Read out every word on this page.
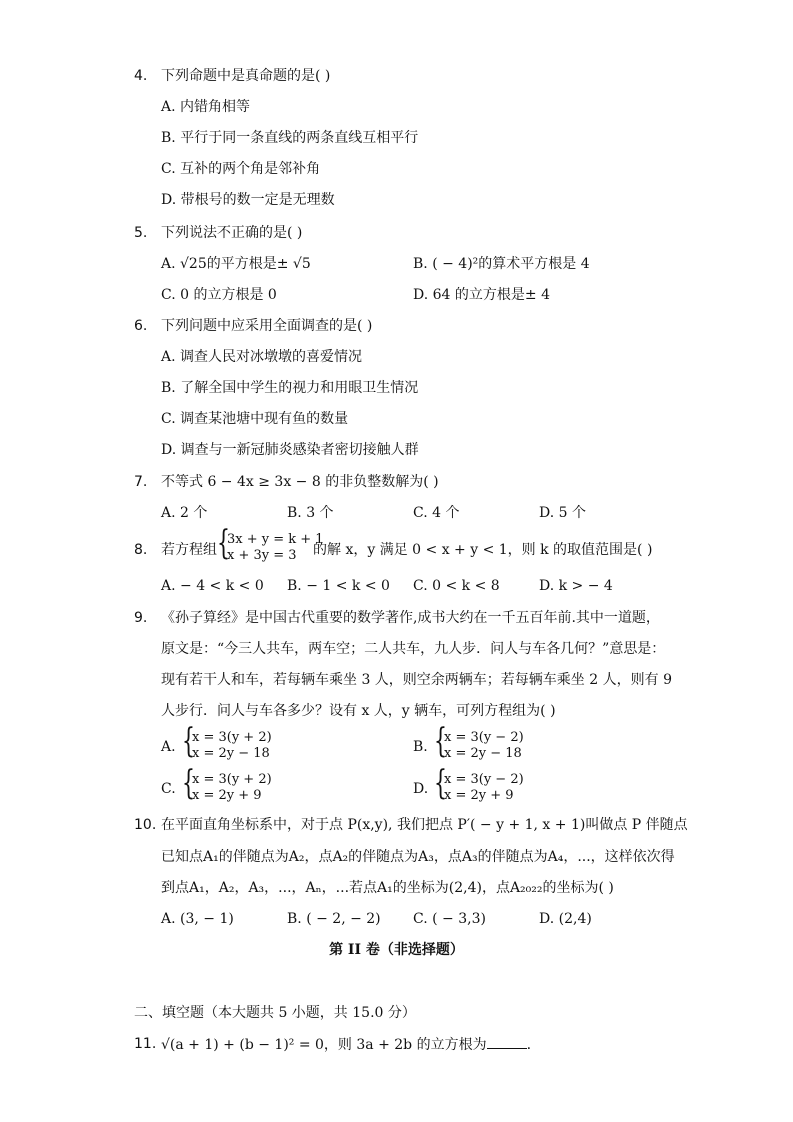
4. 下列命题中是真命题的是( )
A. 内错角相等
B. 平行于同一条直线的两条直线互相平行
C. 互补的两个角是邻补角
D. 带根号的数一定是无理数
5. 下列说法不正确的是( )
A. √25的平方根是± √5	B. ( − 4)²的算术平方根是 4
C. 0 的立方根是 0	D. 64 的立方根是± 4
6. 下列问题中应采用全面调查的是( )
A. 调查人民对冰墩墩的喜爱情况
B. 了解全国中学生的视力和用眼卫生情况
C. 调查某池塘中现有鱼的数量
D. 调查与一新冠肺炎感染者密切接触人群
7. 不等式 6 − 4x ≥ 3x − 8 的非负整数解为( )
A. 2 个	B. 3 个	C. 4 个	D. 5 个
8. 若方程组 {
3x + y = k + 1
x + 3y = 3 的解 x，y 满足 0 < x + y < 1，则 k 的取值范围是( )
A. − 4 < k < 0 B. − 1 < k < 0 C. 0 < k < 8	D. k > − 4
9. 《孙子算经》是中国古代重要的数学著作,成书大约在一千五百年前.其中一道题，
原文是：“今三人共车，两车空；二人共车，九人步．问人与车各几何？”意思是：
现有若干人和车，若每辆车乘坐 3 人，则空余两辆车；若每辆车乘坐 2 人，则有 9
人步行．问人与车各多少？设有 x 人，y 辆车，可列方程组为( )
A. {
x = 3(y + 2)
x = 2y − 18	B. {
x = 3(y − 2)
x = 2y − 18
C. {
x = 3(y + 2)
x = 2y + 9	D. {
x = 3(y − 2)
x = 2y + 9
10. 在平面直角坐标系中，对于点 P(x,y), 我们把点 P′( − y + 1, x + 1)叫做点 P 伴随点
已知点A₁的伴随点为A₂，点A₂的伴随点为A₃，点A₃的伴随点为A₄，...，这样依次得
到点A₁，A₂，A₃，...，Aₙ，...若点A₁的坐标为(2,4)，点A₂₀₂₂的坐标为( )
A. (3, − 1)	B. ( − 2, − 2) C. ( − 3,3)	D. (2,4)
第 II 卷（非选择题）
二、填空题（本大题共 5 小题，共 15.0 分）
11. √(a + 1) + (b − 1)² = 0，则 3a + 2b 的立方根为	.
